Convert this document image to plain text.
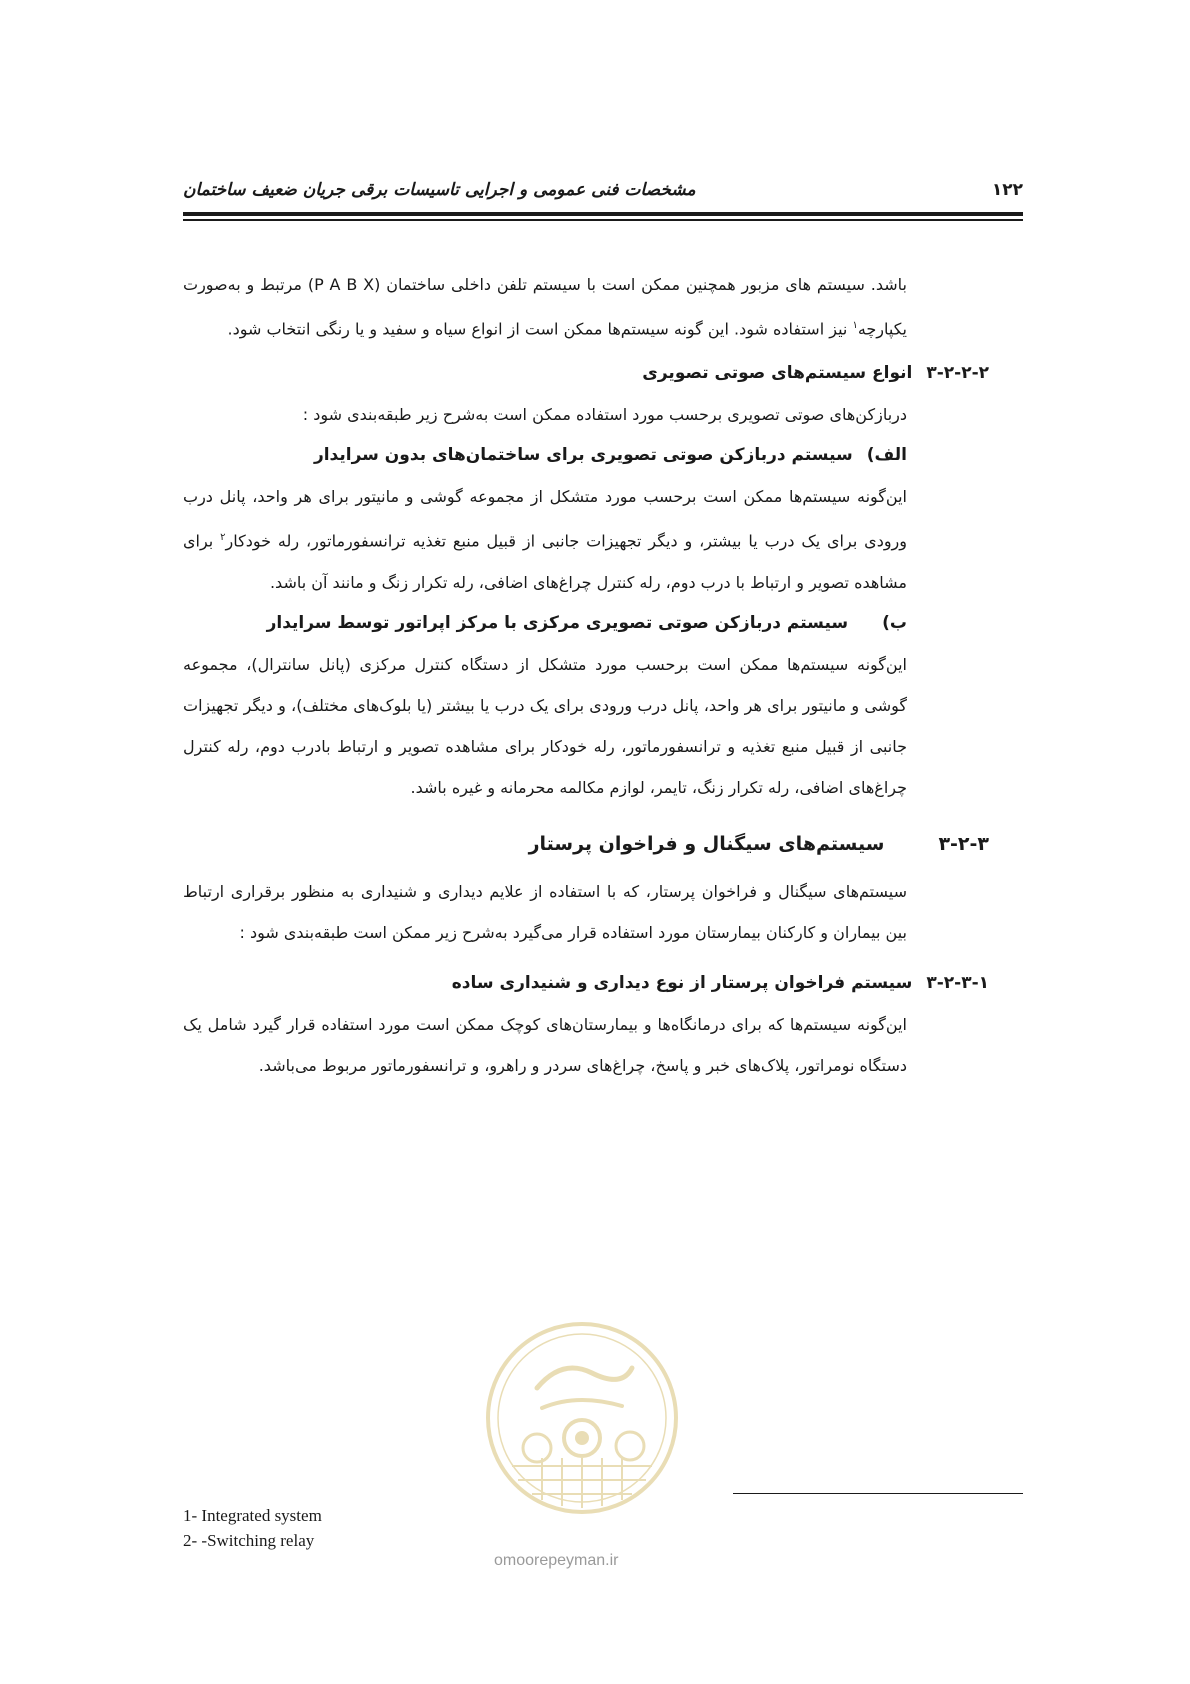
مشخصات فنی عمومی و اجرایی تاسیسات برقی جریان ضعیف ساختمان	۱۲۲

باشد. سیستم های مزبور همچنین ممکن است با سیستم تلفن داخلی ساختمان (P A B X) مرتبط و به‌صورت یکپارچه$^۱$ نیز استفاده شود. این گونه سیستم‌ها ممکن است از انواع سیاه و سفید و یا رنگی انتخاب شود.

۳-۲-۲-۲انواع سیستم‌های صوتی تصویری

دربازکن‌های صوتی تصویری برحسب مورد استفاده ممکن است به‌شرح زیر طبقه‌بندی شود :

الف)سیستم دربازکن صوتی تصویری برای ساختمان‌های بدون سرایدار

این‌گونه سیستم‌ها ممکن است برحسب مورد متشکل از مجموعه گوشی و مانیتور برای هر واحد، پانل درب ورودی برای یک درب یا بیشتر، و دیگر تجهیزات جانبی از قبیل منبع تغذیه ترانسفورماتور، رله خودکار$^۲$ برای مشاهده تصویر و ارتباط با درب دوم، رله کنترل چراغ‌های اضافی، رله تکرار زنگ و مانند آن باشد.

ب)سیستم دربازکن صوتی تصویری مرکزی با مرکز اپراتور توسط سرایدار

این‌گونه سیستم‌ها ممکن است برحسب مورد متشکل از دستگاه کنترل مرکزی (پانل سانترال)، مجموعه گوشی و مانیتور برای هر واحد، پانل درب ورودی برای یک درب یا بیشتر (یا بلوک‌های مختلف)، و دیگر تجهیزات جانبی از قبیل منبع تغذیه و ترانسفورماتور، رله خودکار برای مشاهده تصویر و ارتباط بادرب دوم، رله کنترل چراغ‌های اضافی، رله تکرار زنگ، تایمر، لوازم مکالمه محرمانه و غیره باشد.

۳-۲-۳سیستم‌های سیگنال و فراخوان پرستار

سیستم‌های سیگنال و فراخوان پرستار، که با استفاده از علایم دیداری و شنیداری به منظور برقراری ارتباط بین بیماران و کارکنان بیمارستان مورد استفاده قرار می‌گیرد به‌شرح زیر ممکن است طبقه‌بندی شود :

۳-۲-۳-۱سیستم فراخوان پرستار از نوع دیداری و شنیداری ساده

این‌گونه سیستم‌ها که برای درمانگاه‌ها و بیمارستان‌های کوچک ممکن است مورد استفاده قرار گیرد شامل یک دستگاه نومراتور، پلاک‌های خبر و پاسخ، چراغ‌های سردر و راهرو، و ترانسفورماتور مربوط می‌باشد.

omoorepeyman.ir
1- Integrated system
2- -Switching relay
